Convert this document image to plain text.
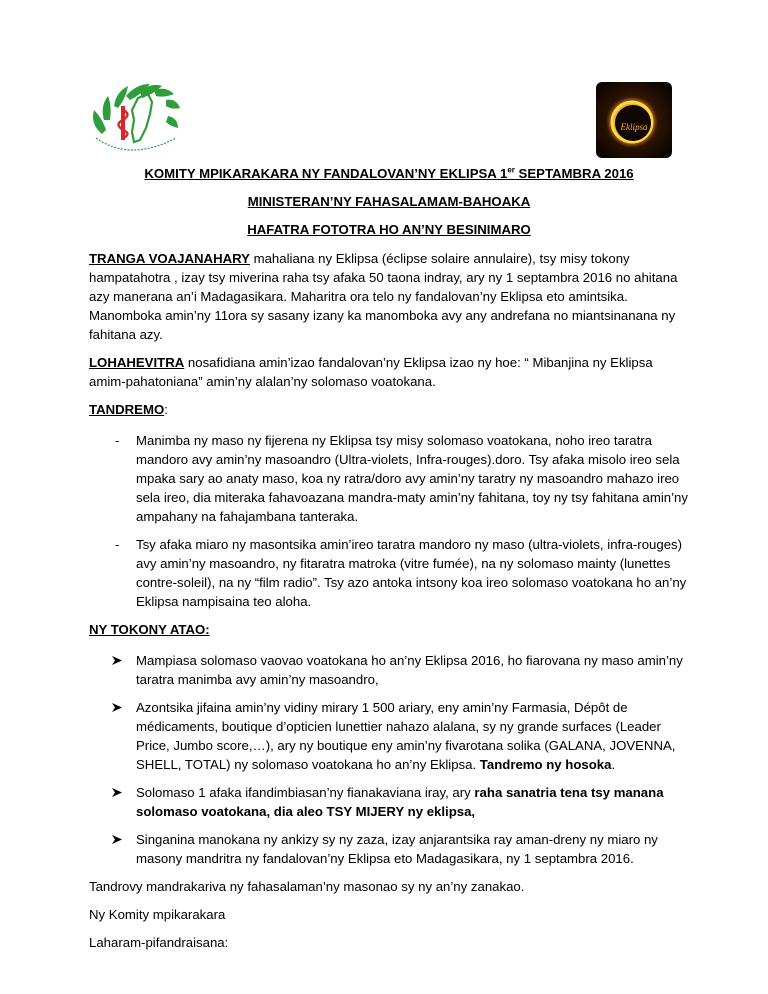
Eklipsa
KOMITY MPIKARAKARA NY FANDALOVAN’NY EKLIPSA 1er SEPTAMBRA 2016
MINISTERAN’NY FAHASALAMAM-BAHOAKA
HAFATRA FOTOTRA HO AN’NY BESINIMARO

TRANGA VOAJANAHARY mahaliana ny Eklipsa (éclipse solaire annulaire), tsy misy tokony hampatahotra , izay tsy miverina raha tsy afaka 50 taona indray, ary ny 1 septambra 2016 no ahitana azy manerana an’i Madagasikara. Maharitra ora telo ny fandalovan’ny Eklipsa eto amintsika. Manomboka amin’ny 11ora sy sasany izany ka manomboka avy any andrefana no miantsinanana ny fahitana azy.

LOHAHEVITRA nosafidiana amin’izao fandalovan’ny Eklipsa izao ny hoe: “ Mibanjina ny Eklipsa amim-pahatoniana” amin’ny alalan’ny solomaso voatokana.

TANDREMO:

- Manimba ny maso ny fijerena ny Eklipsa tsy misy solomaso voatokana, noho ireo taratra mandoro avy amin’ny masoandro (Ultra-violets, Infra-rouges).doro. Tsy afaka misolo ireo sela mpaka sary ao anaty maso, koa ny ratra/doro avy amin’ny taratry ny masoandro mahazo ireo sela ireo, dia miteraka fahavoazana mandra-maty amin’ny fahitana, toy ny tsy fahitana amin’ny ampahany na fahajambana tanteraka.
- Tsy afaka miaro ny masontsika amin’ireo taratra mandoro ny maso (ultra-violets, infra-rouges) avy amin’ny masoandro, ny fitaratra matroka (vitre fumée), na ny solomaso mainty (lunettes contre-soleil), na ny “film radio”. Tsy azo antoka intsony koa ireo solomaso voatokana ho an’ny Eklipsa nampisaina teo aloha.

NY TOKONY ATAO:

Mampiasa solomaso vaovao voatokana ho an’ny Eklipsa 2016, ho fiarovana ny maso amin’ny taratra manimba avy amin’ny masoandro,
Azontsika jifaina amin’ny vidiny mirary 1 500 ariary, eny amin’ny Farmasia, Dépôt de médicaments, boutique d’opticien lunettier nahazo alalana, sy ny grande surfaces (Leader Price, Jumbo score,…), ary ny boutique eny amin’ny fivarotana solika (GALANA, JOVENNA, SHELL, TOTAL) ny solomaso voatokana ho an’ny Eklipsa. Tandremo ny hosoka.
Solomaso 1 afaka ifandimbiasan’ny fianakaviana iray, ary raha sanatria tena tsy manana solomaso voatokana, dia aleo TSY MIJERY ny eklipsa,
Singanina manokana ny ankizy sy ny zaza, izay anjarantsika ray aman-dreny ny miaro ny masony mandritra ny fandalovan’ny Eklipsa eto Madagasikara, ny 1 septambra 2016.

Tandrovy mandrakariva ny fahasalaman’ny masonao sy ny an’ny zanakao.

Ny Komity mpikarakara

Laharam-pifandraisana:
